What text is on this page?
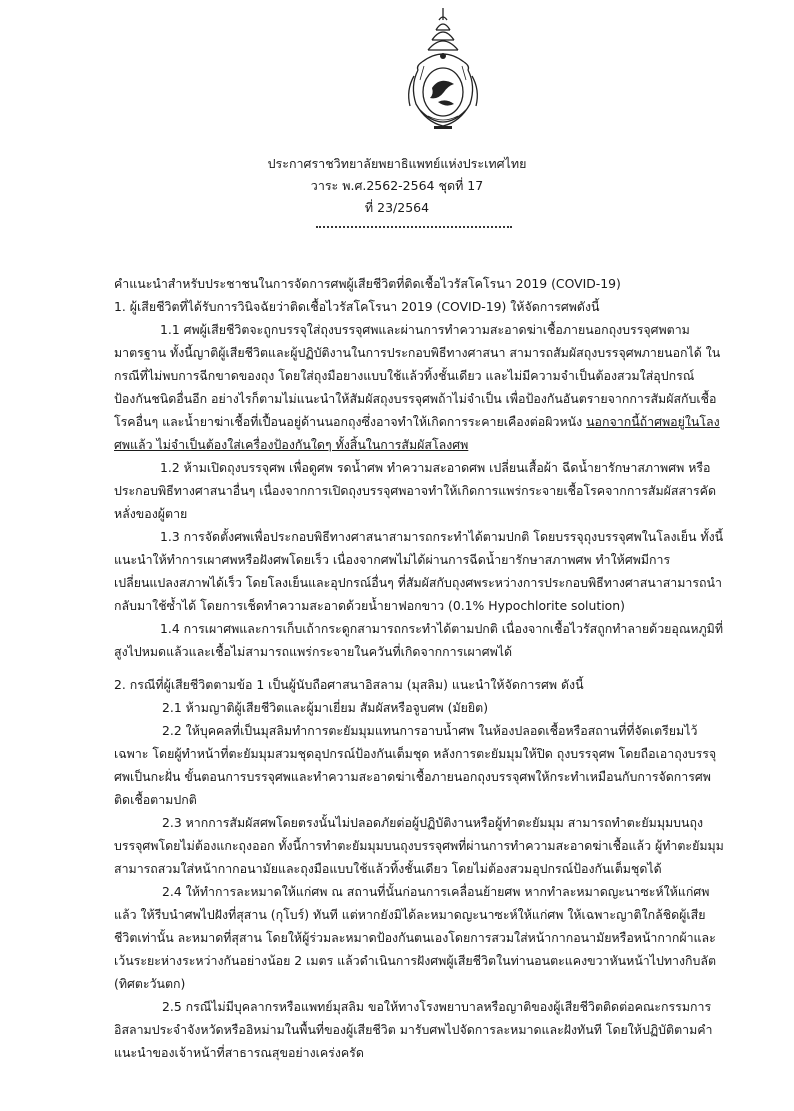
ประกาศราชวิทยาลัยพยาธิแพทย์แห่งประเทศไทย
วาระ พ.ศ.2562-2564 ชุดที่ 17
ที่ 23/2564

คำแนะนำสำหรับประชาชนในการจัดการศพผู้เสียชีวิตที่ติดเชื้อไวรัสโคโรนา 2019 (COVID-19)

1. ผู้เสียชีวิตที่ได้รับการวินิจฉัยว่าติดเชื้อไวรัสโคโรนา 2019 (COVID-19) ให้จัดการศพดังนี้

1.1 ศพผู้เสียชีวิตจะถูกบรรจุใส่ถุงบรรจุศพและผ่านการทำความสะอาดฆ่าเชื้อภายนอกถุงบรรจุศพตามมาตรฐาน ทั้งนี้ญาติผู้เสียชีวิตและผู้ปฏิบัติงานในการประกอบพิธีทางศาสนา สามารถสัมผัสถุงบรรจุศพภายนอกได้ ในกรณีที่ไม่พบการฉีกขาดของถุง โดยใส่ถุงมือยางแบบใช้แล้วทิ้งชั้นเดียว และไม่มีความจำเป็นต้องสวมใส่อุปกรณ์ป้องกันชนิดอื่นอีก อย่างไรก็ตามไม่แนะนำให้สัมผัสถุงบรรจุศพถ้าไม่จำเป็น เพื่อป้องกันอันตรายจากการสัมผัสกับเชื้อโรคอื่นๆ และน้ำยาฆ่าเชื้อที่เปื้อนอยู่ด้านนอกถุงซึ่งอาจทำให้เกิดการระคายเคืองต่อผิวหนัง นอกจากนี้ถ้าศพอยู่ในโลงศพแล้ว ไม่จำเป็นต้องใส่เครื่องป้องกันใดๆ ทั้งสิ้นในการสัมผัสโลงศพ

1.2 ห้ามเปิดถุงบรรจุศพ เพื่อดูศพ รดน้ำศพ ทำความสะอาดศพ เปลี่ยนเสื้อผ้า ฉีดน้ำยารักษาสภาพศพ หรือประกอบพิธีทางศาสนาอื่นๆ เนื่องจากการเปิดถุงบรรจุศพอาจทำให้เกิดการแพร่กระจายเชื้อโรคจากการสัมผัสสารคัดหลั่งของผู้ตาย

1.3 การจัดตั้งศพเพื่อประกอบพิธีทางศาสนาสามารถกระทำได้ตามปกติ โดยบรรจุถุงบรรจุศพในโลงเย็น ทั้งนี้แนะนำให้ทำการเผาศพหรือฝังศพโดยเร็ว เนื่องจากศพไม่ได้ผ่านการฉีดน้ำยารักษาสภาพศพ ทำให้ศพมีการเปลี่ยนแปลงสภาพได้เร็ว โดยโลงเย็นและอุปกรณ์อื่นๆ ที่สัมผัสกับถุงศพระหว่างการประกอบพิธีทางศาสนาสามารถนำกลับมาใช้ซ้ำได้ โดยการเช็ดทำความสะอาดด้วยน้ำยาฟอกขาว (0.1% Hypochlorite solution)

1.4 การเผาศพและการเก็บเถ้ากระดูกสามารถกระทำได้ตามปกติ เนื่องจากเชื้อไวรัสถูกทำลายด้วยอุณหภูมิที่สูงไปหมดแล้วและเชื้อไม่สามารถแพร่กระจายในควันที่เกิดจากการเผาศพได้

2. กรณีที่ผู้เสียชีวิตตามข้อ 1 เป็นผู้นับถือศาสนาอิสลาม (มุสลิม) แนะนำให้จัดการศพ ดังนี้

2.1 ห้ามญาติผู้เสียชีวิตและผู้มาเยี่ยม สัมผัสหรือจูบศพ (มัยยิต)

2.2 ให้บุคคลที่เป็นมุสลิมทำการตะยัมมุมแทนการอาบน้ำศพ ในห้องปลอดเชื้อหรือสถานที่ที่จัดเตรียมไว้เฉพาะ โดยผู้ทำหน้าที่ตะยัมมุมสวมชุดอุปกรณ์ป้องกันเต็มชุด หลังการตะยัมมุมให้ปิด ถุงบรรจุศพ โดยถือเอาถุงบรรจุศพเป็นกะฝั่น ขั้นตอนการบรรจุศพและทำความสะอาดฆ่าเชื้อภายนอกถุงบรรจุศพให้กระทำเหมือนกับการจัดการศพติดเชื้อตามปกติ

2.3 หากการสัมผัสศพโดยตรงนั้นไม่ปลอดภัยต่อผู้ปฏิบัติงานหรือผู้ทำตะยัมมุม สามารถทำตะยัมมุมบนถุงบรรจุศพโดยไม่ต้องแกะถุงออก ทั้งนี้การทำตะยัมมุมบนถุงบรรจุศพที่ผ่านการทำความสะอาดฆ่าเชื้อแล้ว ผู้ทำตะยัมมุมสามารถสวมใส่หน้ากากอนามัยและถุงมือแบบใช้แล้วทิ้งชั้นเดียว โดยไม่ต้องสวมอุปกรณ์ป้องกันเต็มชุดได้

2.4 ให้ทำการละหมาดให้แก่ศพ ณ สถานที่นั้นก่อนการเคลื่อนย้ายศพ หากทำละหมาดญะนาซะห์ให้แก่ศพแล้ว ให้รีบนำศพไปฝังที่สุสาน (กุโบร์) ทันที แต่หากยังมิได้ละหมาดญะนาซะห์ให้แก่ศพ ให้เฉพาะญาติใกล้ชิดผู้เสียชีวิตเท่านั้น ละหมาดที่สุสาน โดยให้ผู้ร่วมละหมาดป้องกันตนเองโดยการสวมใส่หน้ากากอนามัยหรือหน้ากากผ้าและเว้นระยะห่างระหว่างกันอย่างน้อย 2 เมตร แล้วดำเนินการฝังศพผู้เสียชีวิตในท่านอนตะแคงขวาหันหน้าไปทางกิบลัต (ทิศตะวันตก)

2.5 กรณีไม่มีบุคลากรหรือแพทย์มุสลิม ขอให้ทางโรงพยาบาลหรือญาติของผู้เสียชีวิตติดต่อคณะกรรมการอิสลามประจำจังหวัดหรืออิหม่ามในพื้นที่ของผู้เสียชีวิต มารับศพไปจัดการละหมาดและฝังทันที โดยให้ปฏิบัติตามคำแนะนำของเจ้าหน้าที่สาธารณสุขอย่างเคร่งครัด
